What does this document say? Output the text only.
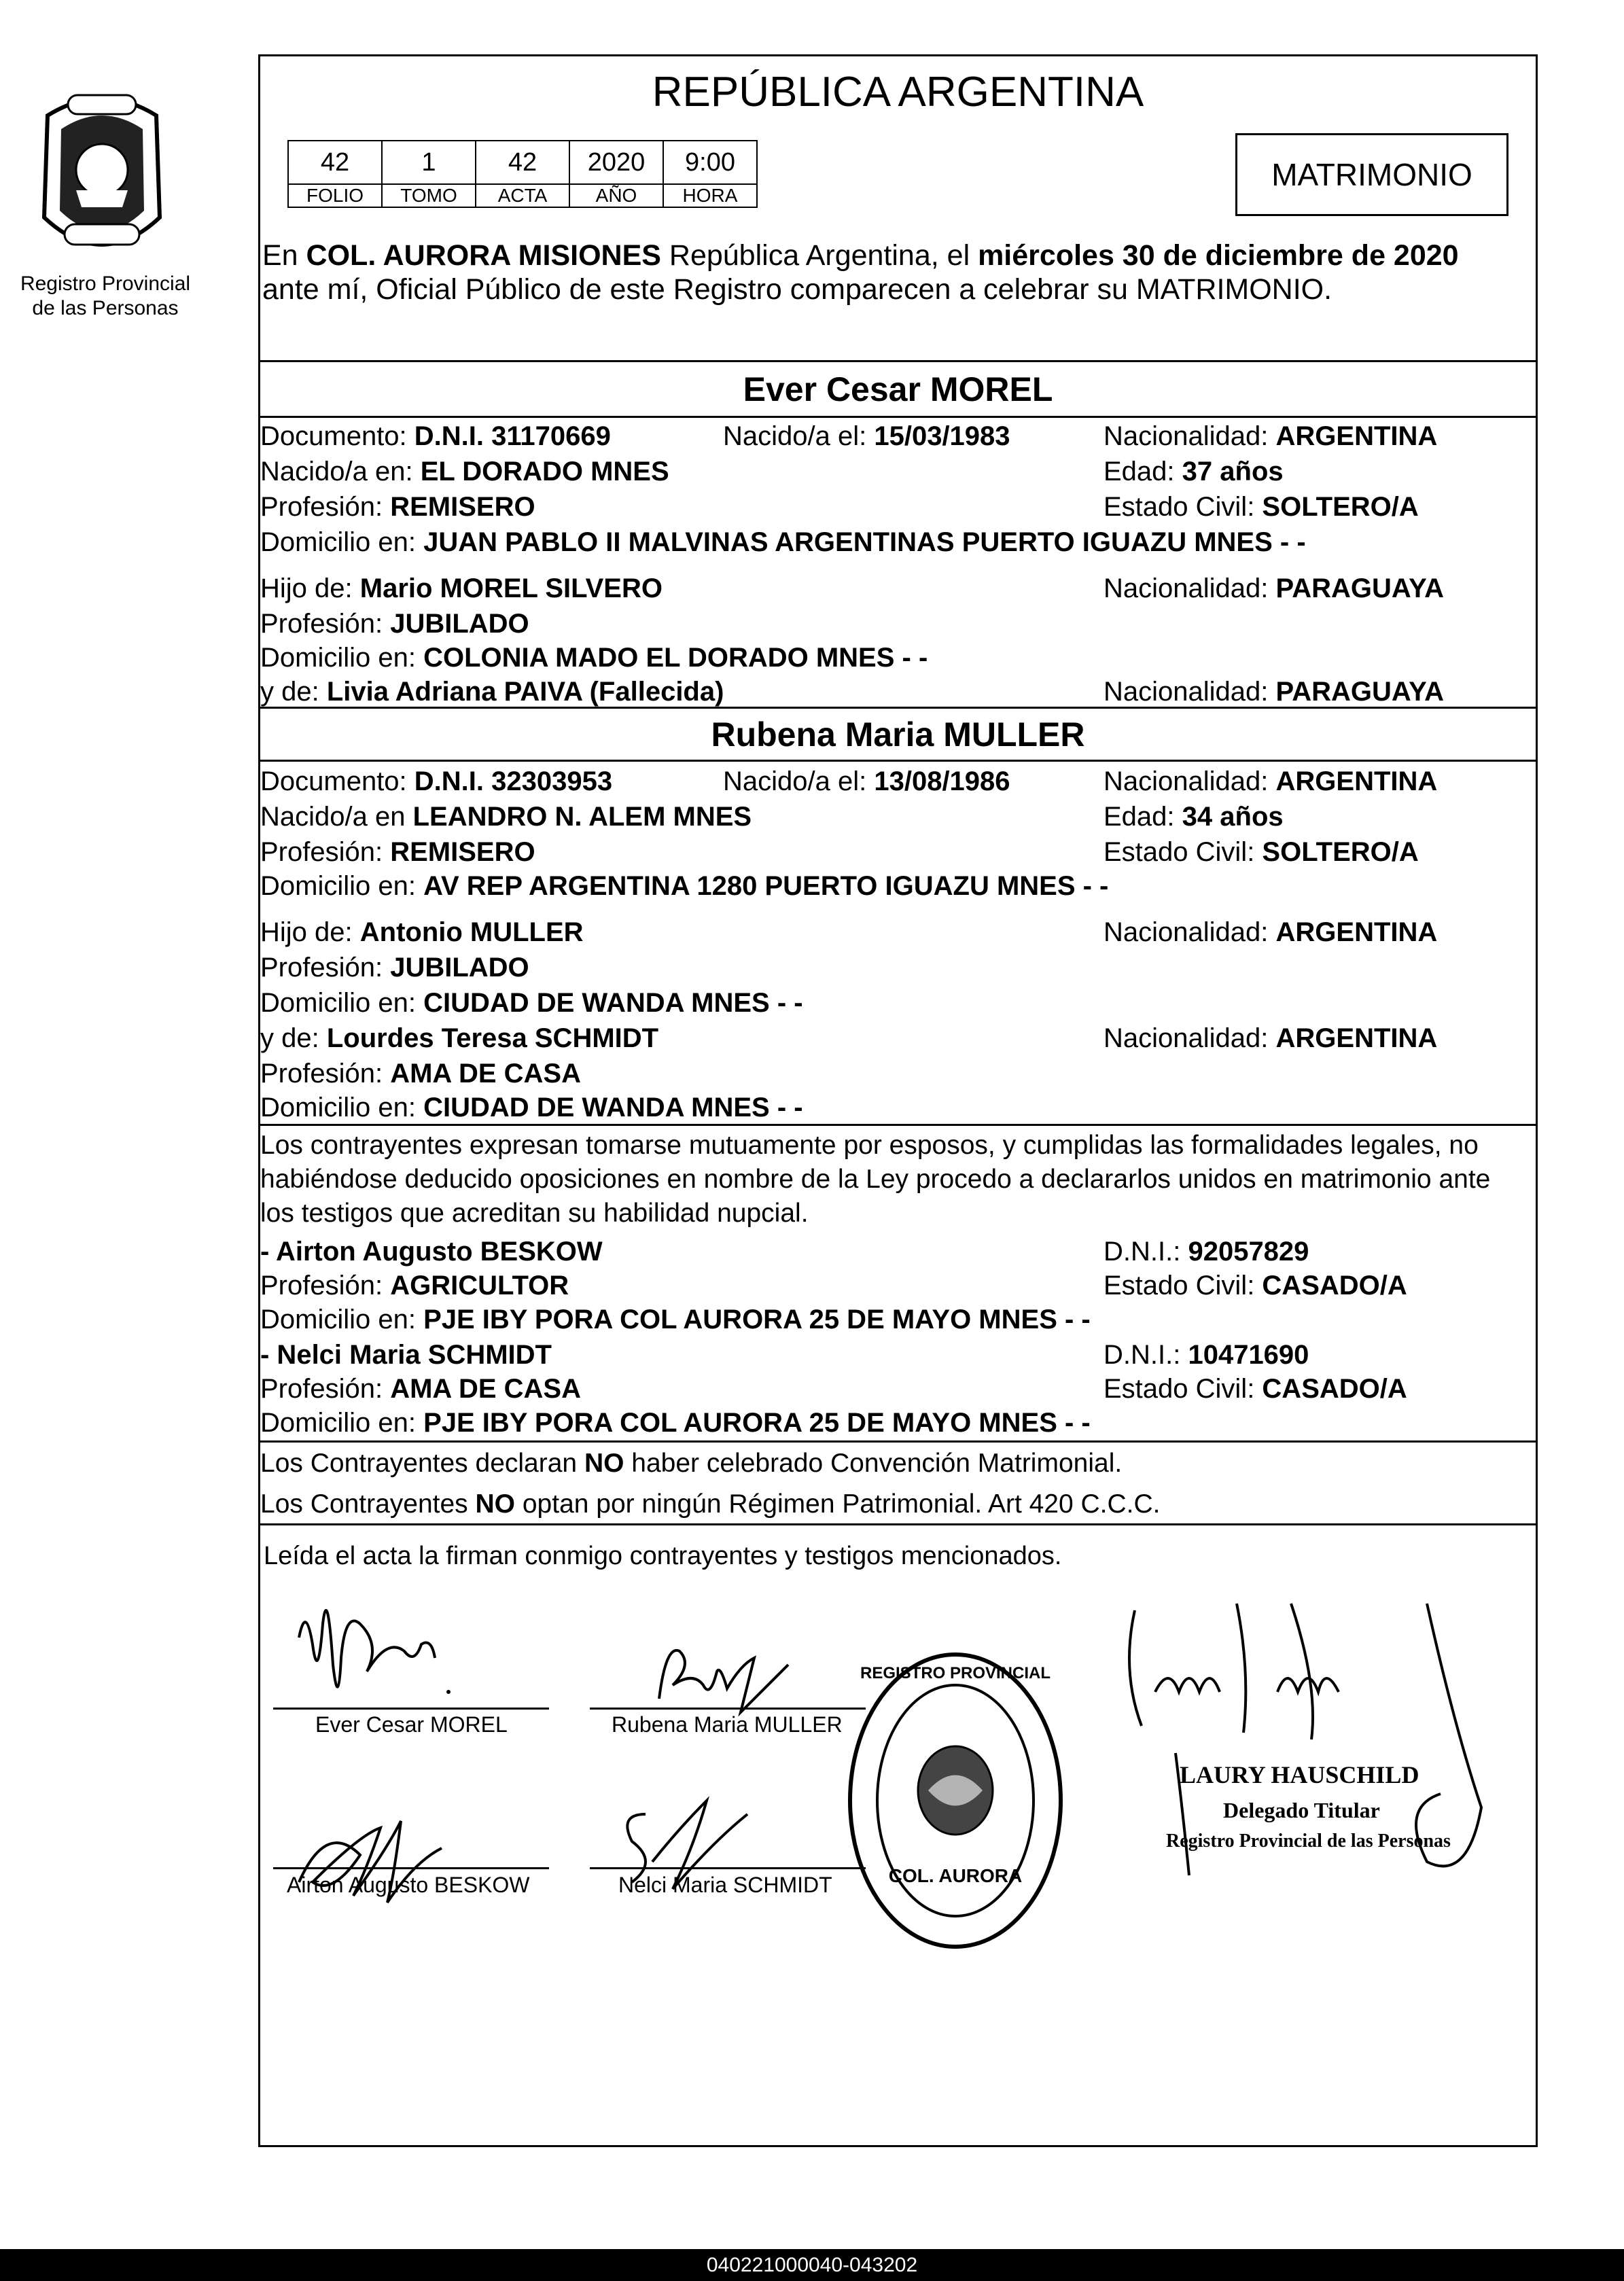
Registro Provincial
de las Personas
REPÚBLICA ARGENTINA
42	1	42	2020	9:00
FOLIO	TOMO	ACTA	AÑO	HORA
MATRIMONIO
En COL. AURORA MISIONES República Argentina, el miércoles 30 de diciembre de 2020
ante mí, Oficial Público de este Registro comparecen a celebrar su MATRIMONIO.
Ever Cesar MOREL
Documento: D.N.I. 31170669	Nacido/a el: 15/03/1983	Nacionalidad: ARGENTINA
Nacido/a en: EL DORADO MNES	Edad: 37 años
Profesión: REMISERO	Estado Civil: SOLTERO/A
Domicilio en: JUAN PABLO II MALVINAS ARGENTINAS PUERTO IGUAZU MNES - -
Hijo de: Mario MOREL SILVERO	Nacionalidad: PARAGUAYA
Profesión: JUBILADO
Domicilio en: COLONIA MADO EL DORADO MNES - -
y de: Livia Adriana PAIVA (Fallecida)	Nacionalidad: PARAGUAYA
Rubena Maria MULLER
Documento: D.N.I. 32303953	Nacido/a el: 13/08/1986	Nacionalidad: ARGENTINA
Nacido/a en LEANDRO N. ALEM MNES	Edad: 34 años
Profesión: REMISERO	Estado Civil: SOLTERO/A
Domicilio en: AV REP ARGENTINA 1280 PUERTO IGUAZU MNES - -
Hijo de: Antonio MULLER	Nacionalidad: ARGENTINA
Profesión: JUBILADO
Domicilio en: CIUDAD DE WANDA MNES - -
y de: Lourdes Teresa SCHMIDT	Nacionalidad: ARGENTINA
Profesión: AMA DE CASA
Domicilio en: CIUDAD DE WANDA MNES - -
Los contrayentes expresan tomarse mutuamente por esposos, y cumplidas las formalidades legales, no
habiéndose deducido oposiciones en nombre de la Ley procedo a declararlos unidos en matrimonio ante
los testigos que acreditan su habilidad nupcial.
- Airton Augusto BESKOW	D.N.I.: 92057829
Profesión: AGRICULTOR	Estado Civil: CASADO/A
Domicilio en: PJE IBY PORA COL AURORA 25 DE MAYO MNES - -
- Nelci Maria SCHMIDT	D.N.I.: 10471690
Profesión: AMA DE CASA	Estado Civil: CASADO/A
Domicilio en: PJE IBY PORA COL AURORA 25 DE MAYO MNES - -
Los Contrayentes declaran NO haber celebrado Convención Matrimonial.
Los Contrayentes NO optan por ningún Régimen Patrimonial. Art 420 C.C.C.
Leída el acta la firman conmigo contrayentes y testigos mencionados.
Ever Cesar MOREL	Rubena Maria MULLER
Airton Augusto BESKOW	Nelci Maria SCHMIDT
REGISTRO PROVINCIAL
COL. AURORA
LAURY HAUSCHILD
Delegado Titular
Registro Provincial de las Personas
040221000040-043202
